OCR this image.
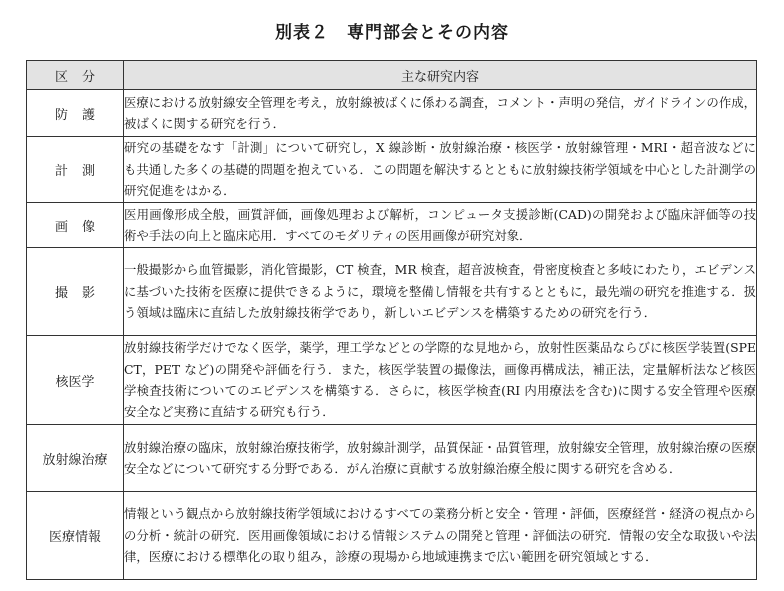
別表２　専門部会とその内容
区分	主な研究内容
防護	医療における放射線安全管理を考え，放射線被ばくに係わる調査，コメント・声明の発信，ガイドラインの作成，被ばくに関する研究を行う．
計測	研究の基礎をなす「計測」について研究し，X 線診断・放射線治療・核医学・放射線管理・MRI・超音波などにも共通した多くの基礎的問題を抱えている．この問題を解決するとともに放射線技術学領域を中心とした計測学の研究促進をはかる．
画像	医用画像形成全般，画質評価，画像処理および解析，コンピュータ支援診断(CAD)の開発および臨床評価等の技術や手法の向上と臨床応用．すべてのモダリティの医用画像が研究対象．
撮影	一般撮影から血管撮影，消化管撮影，CT 検査，MR 検査，超音波検査，骨密度検査と多岐にわたり，エビデンスに基づいた技術を医療に提供できるように，環境を整備し情報を共有するとともに，最先端の研究を推進する．扱う領域は臨床に直結した放射線技術学であり，新しいエビデンスを構築するための研究を行う．
核医学	放射線技術学だけでなく医学，薬学，理工学などとの学際的な見地から，放射性医薬品ならびに核医学装置(SPECT，PET など)の開発や評価を行う．また，核医学装置の撮像法，画像再構成法，補正法，定量解析法など核医学検査技術についてのエビデンスを構築する．さらに，核医学検査(RI 内用療法を含む)に関する安全管理や医療安全など実務に直結する研究も行う．
放射線治療	放射線治療の臨床，放射線治療技術学，放射線計測学，品質保証・品質管理，放射線安全管理，放射線治療の医療安全などについて研究する分野である．がん治療に貢献する放射線治療全般に関する研究を含める．
医療情報	情報という観点から放射線技術学領域におけるすべての業務分析と安全・管理・評価，医療経営・経済の視点からの分析・統計の研究．医用画像領域における情報システムの開発と管理・評価法の研究．情報の安全な取扱いや法律，医療における標準化の取り組み，診療の現場から地域連携まで広い範囲を研究領域とする．
